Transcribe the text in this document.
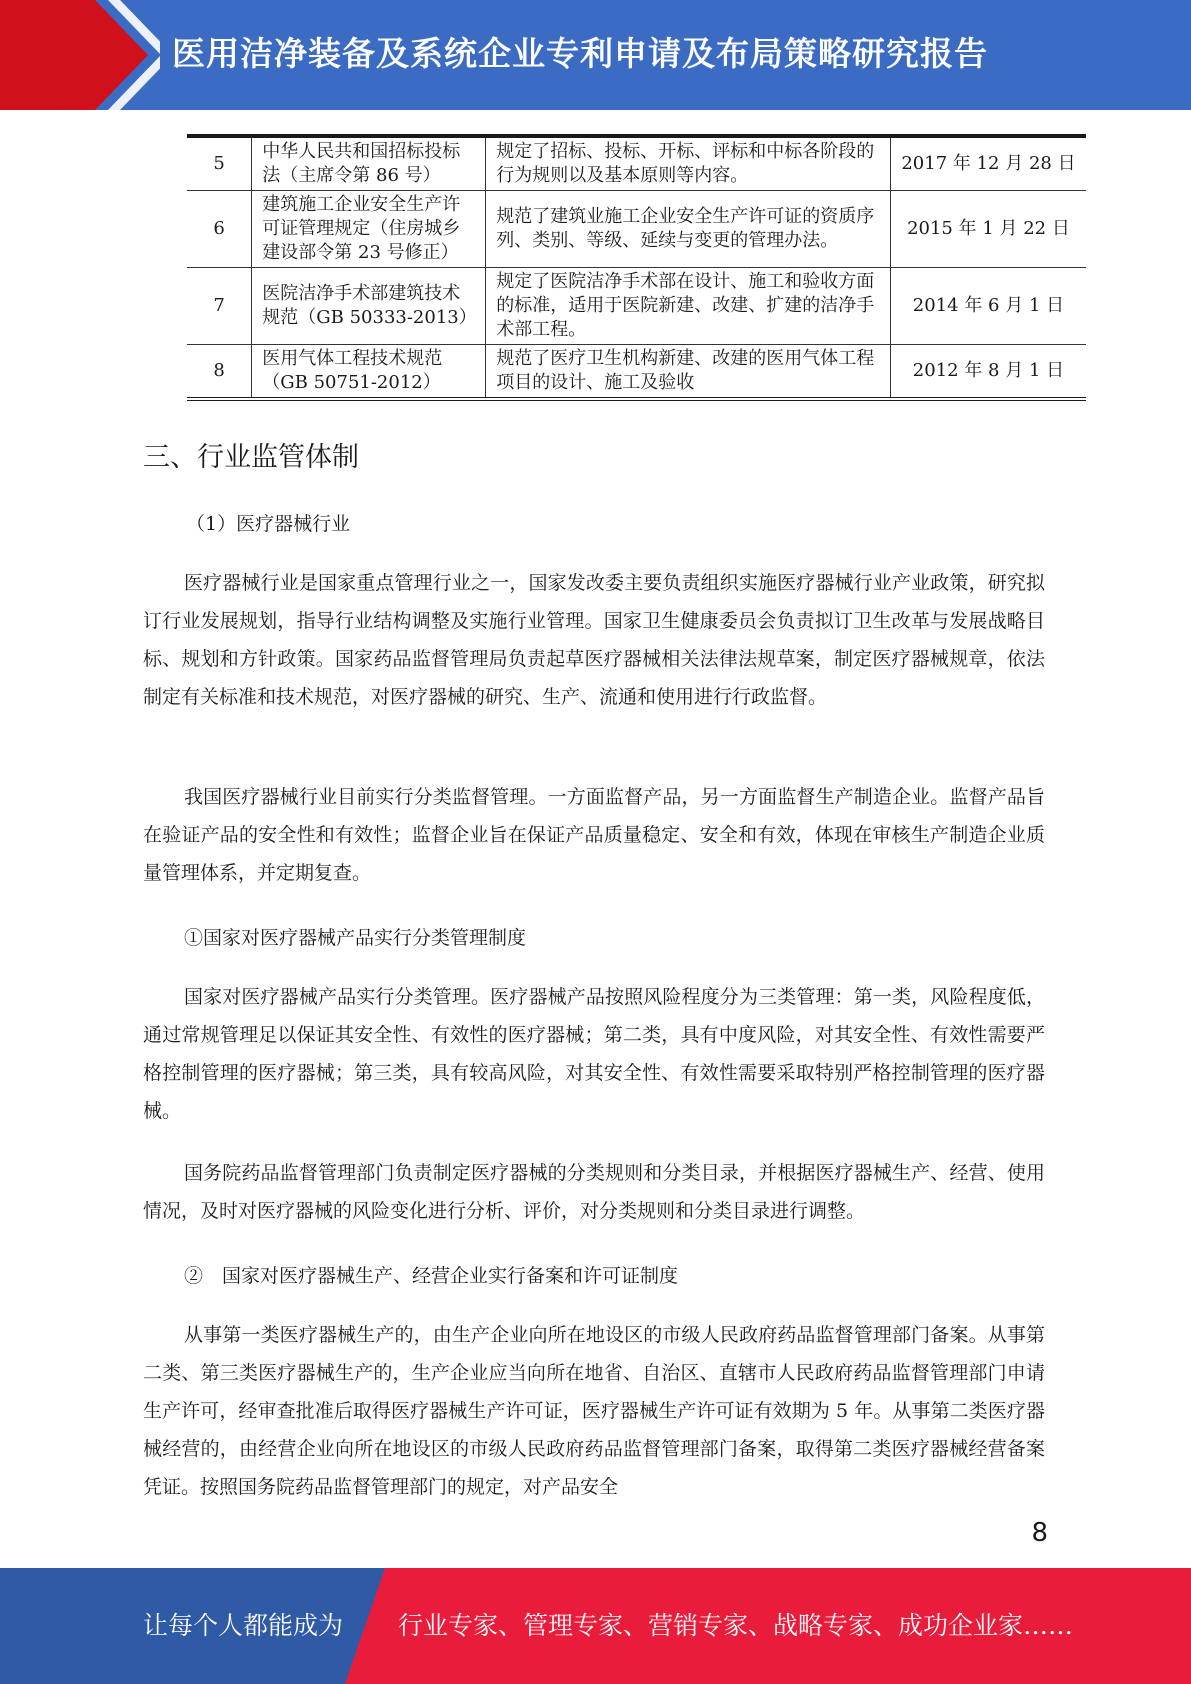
医用洁净装备及系统企业专利申请及布局策略研究报告
5	中华人民共和国招标投标法（主席令第 86 号）	规定了招标、投标、开标、评标和中标各阶段的行为规则以及基本原则等内容。	2017 年 12 月 28 日
6	建筑施工企业安全生产许可证管理规定（住房城乡建设部令第 23 号修正）	规范了建筑业施工企业安全生产许可证的资质序列、类别、等级、延续与变更的管理办法。	2015 年 1 月 22 日
7	医院洁净手术部建筑技术规范（GB 50333-2013）	规定了医院洁净手术部在设计、施工和验收方面的标准，适用于医院新建、改建、扩建的洁净手术部工程。	2014 年 6 月 1 日
8	医用气体工程技术规范（GB 50751-2012）	规范了医疗卫生机构新建、改建的医用气体工程项目的设计、施工及验收	2012 年 8 月 1 日
三、行业监管体制
（1）医疗器械行业

医疗器械行业是国家重点管理行业之一，国家发改委主要负责组织实施医疗器械行业产业政策，研究拟订行业发展规划，指导行业结构调整及实施行业管理。国家卫生健康委员会负责拟订卫生改革与发展战略目标、规划和方针政策。国家药品监督管理局负责起草医疗器械相关法律法规草案，制定医疗器械规章，依法制定有关标准和技术规范，对医疗器械的研究、生产、流通和使用进行行政监督。

我国医疗器械行业目前实行分类监督管理。一方面监督产品，另一方面监督生产制造企业。监督产品旨在验证产品的安全性和有效性；监督企业旨在保证产品质量稳定、安全和有效，体现在审核生产制造企业质量管理体系，并定期复查。

①国家对医疗器械产品实行分类管理制度

国家对医疗器械产品实行分类管理。医疗器械产品按照风险程度分为三类管理：第一类，风险程度低，通过常规管理足以保证其安全性、有效性的医疗器械；第二类，具有中度风险，对其安全性、有效性需要严格控制管理的医疗器械；第三类，具有较高风险，对其安全性、有效性需要采取特别严格控制管理的医疗器械。

国务院药品监督管理部门负责制定医疗器械的分类规则和分类目录，并根据医疗器械生产、经营、使用情况，及时对医疗器械的风险变化进行分析、评价，对分类规则和分类目录进行调整。

②　国家对医疗器械生产、经营企业实行备案和许可证制度

从事第一类医疗器械生产的，由生产企业向所在地设区的市级人民政府药品监督管理部门备案。从事第二类、第三类医疗器械生产的，生产企业应当向所在地省、自治区、直辖市人民政府药品监督管理部门申请生产许可，经审查批准后取得医疗器械生产许可证，医疗器械生产许可证有效期为 5 年。从事第二类医疗器械经营的，由经营企业向所在地设区的市级人民政府药品监督管理部门备案，取得第二类医疗器械经营备案凭证。按照国务院药品监督管理部门的规定，对产品安全

8
让每个人都能成为 行业专家、管理专家、营销专家、战略专家、成功企业家……
